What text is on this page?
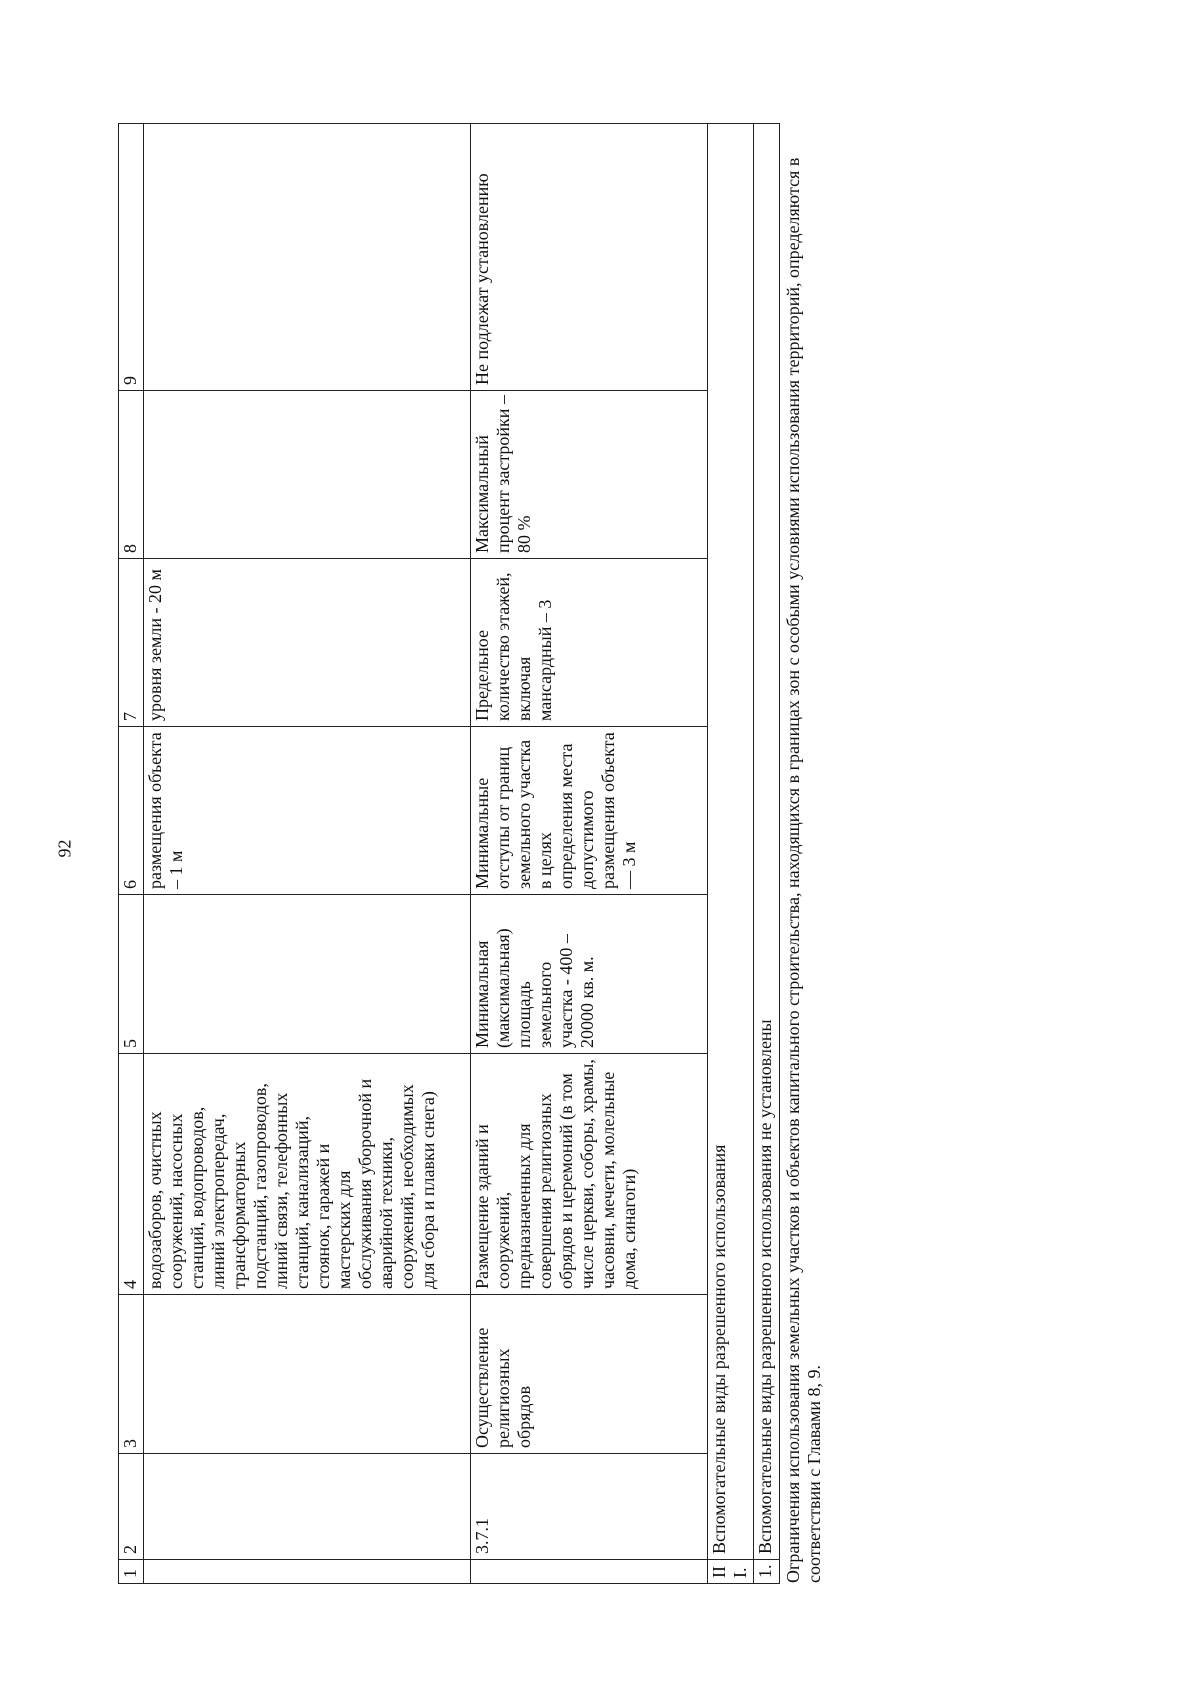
92
1	2	3	4	5	6	7	8	9
			водозаборов, очистных сооружений, насосных станций, водопроводов, линий электропередач, трансформаторных подстанций, газопроводов, линий связи, телефонных станций, канализаций, стоянок, гаражей и мастерских для обслуживания уборочной и аварийной техники, сооружений, необходимых для сбора и плавки снега)		размещения объекта – 1 м	уровня земли - 20 м		
	3.7.1	Осуществление религиозных обрядов	Размещение зданий и сооружений, предназначенных для совершения религиозных обрядов и церемоний (в том числе церкви, соборы, храмы, часовни, мечети, молельные дома, синагоги)	Минимальная (максимальная) площадь земельного участка - 400 – 20000 кв. м.	Минимальные отступы от границ земельного участка в целях определения места допустимого размещения объекта — 3 м	Предельное количество этажей, включая мансардный – 3	Максимальный процент застройки – 80 %	Не подлежат установлению
III.	Вспомогательные виды разрешенного использования							
1.	Вспомогательные виды разрешенного использования не установлены							Ограничения использования земельных участков и объектов капитального строительства, находящихся в границах зон с особыми условиями использования территорий, определяются в соответствии с Главами 8, 9.
